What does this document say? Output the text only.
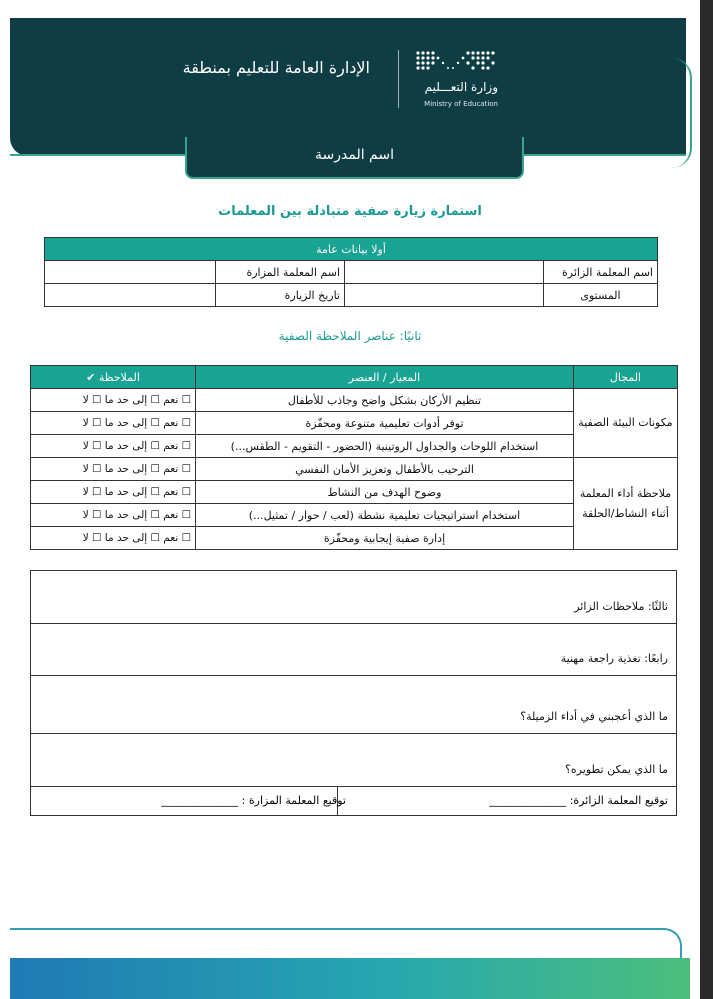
الإدارة العامة للتعليم بمنطقة
وزارة التعـــليم
Ministry of Education
اسم المدرسة
استمارة زيارة صفية متبادلة بين المعلمات
أولا بيانات عامة			
اسم المعلمة الزائرة		اسم المعلمة المزارة	
المستوى		تاريخ الزيارة	
ثانيًا: عناصر الملاحظة الصفية
المجال	المعيار / العنصر	الملاحظة ✔
مكونات البيئة الصفية	تنظيم الأركان بشكل واضح وجاذب للأطفال	☐ نعم ☐ إلى حد ما ☐ لا
	توفر أدوات تعليمية متنوعة ومحفّزة	☐ نعم ☐ إلى حد ما ☐ لا
	استخدام اللوحات والجداول الروتينية (الحضور - التقويم - الطقس...)	☐ نعم ☐ إلى حد ما ☐ لا
ملاحظة أداء المعلمة أثناء النشاط/الحلقة	الترحيب بالأطفال وتعزيز الأمان النفسي	☐ نعم ☐ إلى حد ما ☐ لا
	وضوح الهدف من النشاط	☐ نعم ☐ إلى حد ما ☐ لا
	استخدام استراتيجيات تعليمية نشطة (لعب / حوار / تمثيل...)	☐ نعم ☐ إلى حد ما ☐ لا
	إدارة صفية إيجابية ومحفّزة	☐ نعم ☐ إلى حد ما ☐ لا
ثالثًا: ملاحظات الزائر
رابعًا: تغذية راجعة مهنية
ما الذي أعجبني في أداء الزميلة؟
ما الذي يمكن تطويره؟
توقيع المعلمة الزائرة: ______________
توقيع المعلمة المزارة : ______________
